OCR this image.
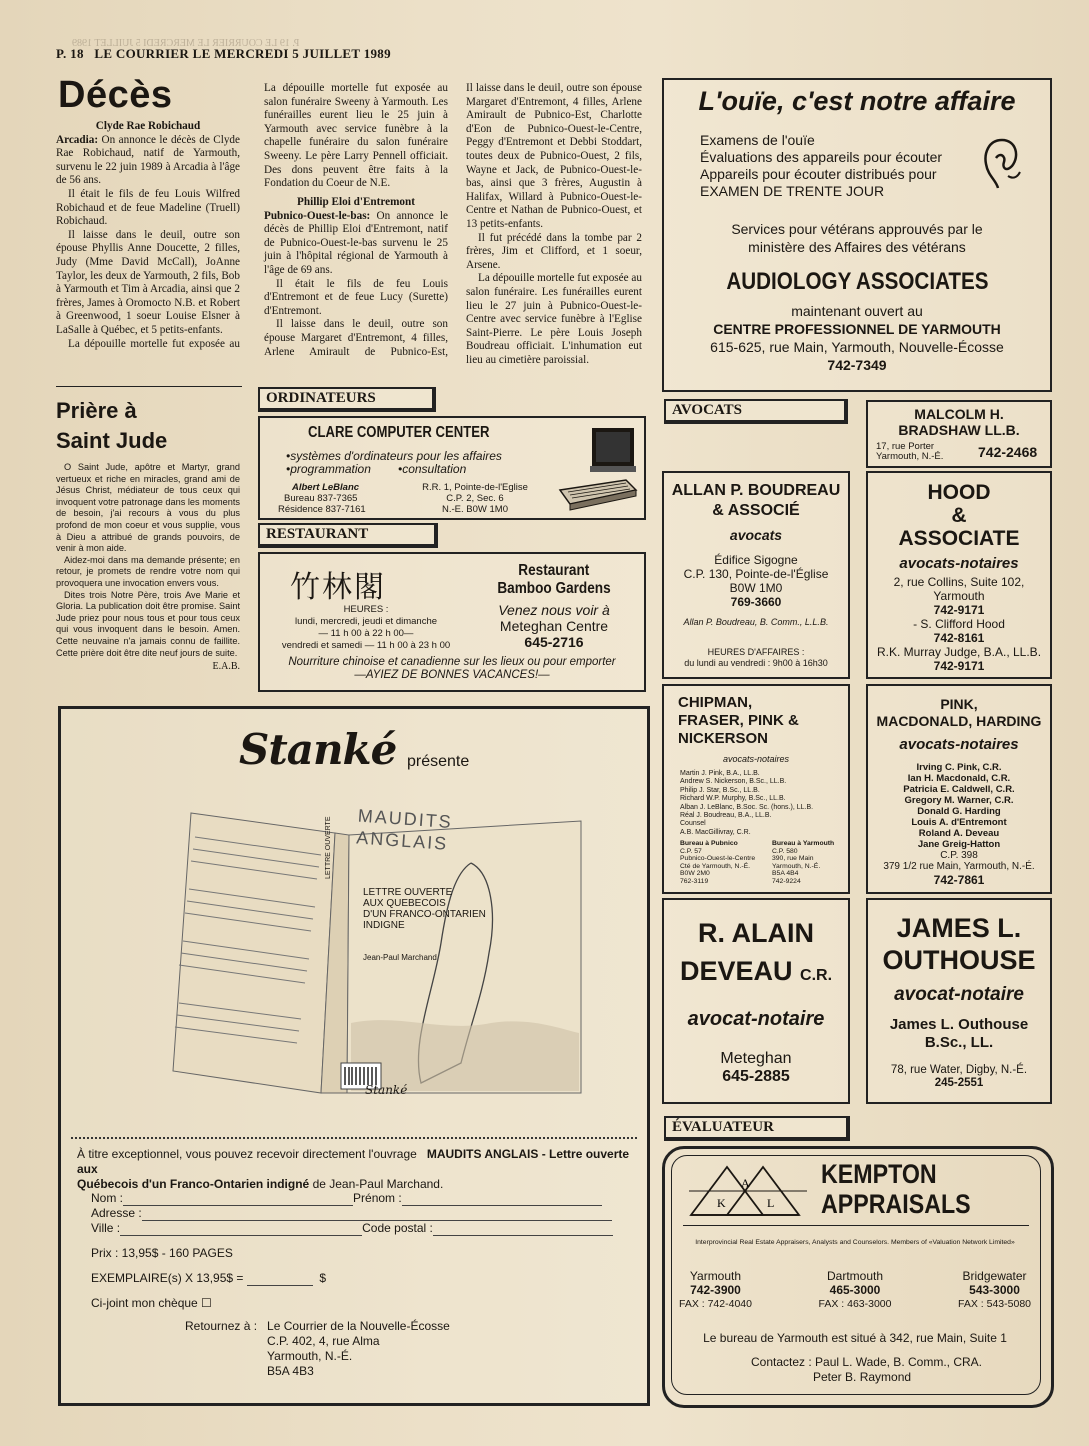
P. 19 LE COURRIER LE MERCREDI 5 JUILLET 1989
P. 18 LE COURRIER LE MERCREDI 5 JUILLET 1989
Décès

Clyde Rae Robichaud

Arcadia: On annonce le décès de Clyde Rae Robichaud, natif de Yarmouth, survenu le 22 juin 1989 à Arcadia à l'âge de 56 ans.

Il était le fils de feu Louis Wilfred Robichaud et de feue Madeline (Truell) Robichaud.

Il laisse dans le deuil, outre son épouse Phyllis Anne Doucette, 2 filles, Judy (Mme David McCall), JoAnne Taylor, les deux de Yarmouth, 2 fils, Bob à Yarmouth et Tim à Arcadia, ainsi que 2 frères, James à Oromocto N.B. et Robert à Greenwood, 1 soeur Louise Elsner à LaSalle à Québec, et 5 petits-enfants.

La dépouille mortelle fut exposée au

La dépouille mortelle fut exposée au salon funéraire Sweeny à Yarmouth. Les funérailles eurent lieu le 25 juin à Yarmouth avec service funèbre à la chapelle funéraire du salon funéraire Sweeny. Le père Larry Pennell officiait. Des dons peuvent être faits à la Fondation du Coeur de N.E.

Phillip Eloi d'Entremont

Pubnico-Ouest-le-bas: On annonce le décès de Phillip Eloi d'Entremont, natif de Pubnico-Ouest-le-bas survenu le 25 juin à l'hôpital régional de Yarmouth à l'âge de 69 ans.

Il était le fils de feu Louis d'Entremont et de feue Lucy (Surette) d'Entremont.

Il laisse dans le deuil, outre son épouse Margaret d'Entremont, 4 filles, Arlene Amirault de Pubnico-Est,

Il laisse dans le deuil, outre son épouse Margaret d'Entremont, 4 filles, Arlene Amirault de Pubnico-Est, Charlotte d'Eon de Pubnico-Ouest-le-Centre, Peggy d'Entremont et Debbi Stoddart, toutes deux de Pubnico-Ouest, 2 fils, Wayne et Jack, de Pubnico-Ouest-le-bas, ainsi que 3 frères, Augustin à Halifax, Willard à Pubnico-Ouest-le-Centre et Nathan de Pubnico-Ouest, et 13 petits-enfants.

Il fut précédé dans la tombe par 2 frères, Jim et Clifford, et 1 soeur, Arsene.

La dépouille mortelle fut exposée au salon funéraire. Les funérailles eurent lieu le 27 juin à Pubnico-Ouest-le-Centre avec service funèbre à l'Eglise Saint-Pierre. Le père Louis Joseph Boudreau officiait. L'inhumation eut lieu au cimetière paroissial.

Prière à
Saint Jude

O Saint Jude, apôtre et Martyr, grand vertueux et riche en miracles, grand ami de Jésus Christ, médiateur de tous ceux qui invoquent votre patronage dans les moments de besoin, j'ai recours à vous du plus profond de mon coeur et vous supplie, vous à Dieu a attribué de grands pouvoirs, de venir à mon aide.

Aidez-moi dans ma demande présente; en retour, je promets de rendre votre nom qui provoquera une invocation envers vous.

Dites trois Notre Père, trois Ave Marie et Gloria. La publication doit être promise. Saint Jude priez pour nous tous et pour tous ceux qui vous invoquent dans le besoin. Amen. Cette neuvaine n'a jamais connu de faillite. Cette prière doit être dite neuf jours de suite.

E.A.B.
ORDINATEURS
CLARE COMPUTER CENTER
•systèmes d'ordinateurs pour les affaires
•programmation •consultation
Albert LeBlanc
Bureau 837-7365
Résidence 837-7161
R.R. 1, Pointe-de-l'Eglise
C.P. 2, Sec. 6
N.-E. B0W 1M0
RESTAURANT
竹林閣
HEURES :
lundi, mercredi, jeudi et dimanche
— 11 h 00 à 22 h 00—
vendredi et samedi — 11 h 00 à 23 h 00
Restaurant
Bamboo Gardens
Venez nous voir à
Meteghan Centre
645-2716
Nourriture chinoise et canadienne sur les lieux ou pour emporter
—AYIEZ DE BONNES VACANCES!—
L'ouïe, c'est notre affaire
Examens de l'ouïe
Évaluations des appareils pour écouter
Appareils pour écouter distribués pour
EXAMEN DE TRENTE JOUR
Services pour vétérans approuvés par le
ministère des Affaires des vétérans
AUDIOLOGY ASSOCIATES
maintenant ouvert au
CENTRE PROFESSIONNEL DE YARMOUTH
615-625, rue Main, Yarmouth, Nouvelle-Écosse
742-7349
AVOCATS	MALCOLM H.
BRADSHAW LL.B.
17, rue Porter
Yarmouth, N.-É. 742-2468
ALLAN P. BOUDREAU
& ASSOCIÉ
avocats
Édifice Sigogne
C.P. 130, Pointe-de-l'Église
B0W 1M0
769-3660
Allan P. Boudreau, B. Comm., L.L.B.
HEURES D'AFFAIRES :
du lundi au vendredi : 9h00 à 16h30
HOOD
&
ASSOCIATE
avocats-notaires
2, rue Collins, Suite 102,
Yarmouth
742-9171
- S. Clifford Hood
742-8161
R.K. Murray Judge, B.A., LL.B.
742-9171
CHIPMAN,
FRASER, PINK &
NICKERSON
avocats-notaires
Martin J. Pink, B.A., LL.B.
Andrew S. Nickerson, B.Sc., LL.B.
Philip J. Star, B.Sc., LL.B.
Richard W.P. Murphy, B.Sc., LL.B.
Alban J. LeBlanc, B.Soc. Sc. (hons.), LL.B.
Réal J. Boudreau, B.A., LL.B.
Counsel
A.B. MacGillivray, C.R.
Bureau à Pubnico
C.P. 57
Pubnico-Ouest-le-Centre
Cté de Yarmouth, N.-É.
B0W 2M0
762-3119
Bureau à Yarmouth
C.P. 580
390, rue Main
Yarmouth, N.-É.
B5A 4B4
742-9224
PINK,
MACDONALD, HARDING
avocats-notaires
Irving C. Pink, C.R.
Ian H. Macdonald, C.R.
Patricia E. Caldwell, C.R.
Gregory M. Warner, C.R.
Donald G. Harding
Louis A. d'Entremont
Roland A. Deveau
Jane Greig-Hatton
C.P. 398
379 1/2 rue Main, Yarmouth, N.-É.
742-7861
R. ALAIN
DEVEAU C.R.
avocat-notaire
Meteghan
645-2885
JAMES L.
OUTHOUSE
avocat-notaire
James L. Outhouse
B.Sc., LL.
78, rue Water, Digby, N.-É.
245-2551
ÉVALUATEUR
K
A
L
KEMPTON
APPRAISALS
Interprovincial Real Estate Appraisers, Analysts and Counselors. Members of «Valuation Network Limited»
Yarmouth
742-3900
FAX : 742-4040
Dartmouth
465-3000
FAX : 463-3000
Bridgewater
543-3000
FAX : 543-5080
Le bureau de Yarmouth est situé à 342, rue Main, Suite 1
Contactez : Paul L. Wade, B. Comm., CRA.
Peter B. Raymond
Stanké présente
MAUDITS ANGLAIS
LETTRE OUVERTE
AUX QUEBECOIS
D'UN FRANCO-ONTARIEN
INDIGNE
Jean-Paul Marchand
LETTRE OUVERTE
Stanké
À titre exceptionnel, vous pouvez recevoir directement l'ouvrage MAUDITS ANGLAIS - Lettre ouverte aux
Québecois d'un Franco-Ontarien indigné de Jean-Paul Marchand.
Nom :	Prénom :
Adresse :
Ville :	Code postal :
Prix : 13,95$ - 160 PAGES
EXEMPLAIRE(s) X 13,95$ =

	$
Ci-joint mon chèque ☐
Retournez à : Le Courrier de la Nouvelle-Écosse
C.P. 402, 4, rue Alma
Yarmouth, N.-É.
B5A 4B3
